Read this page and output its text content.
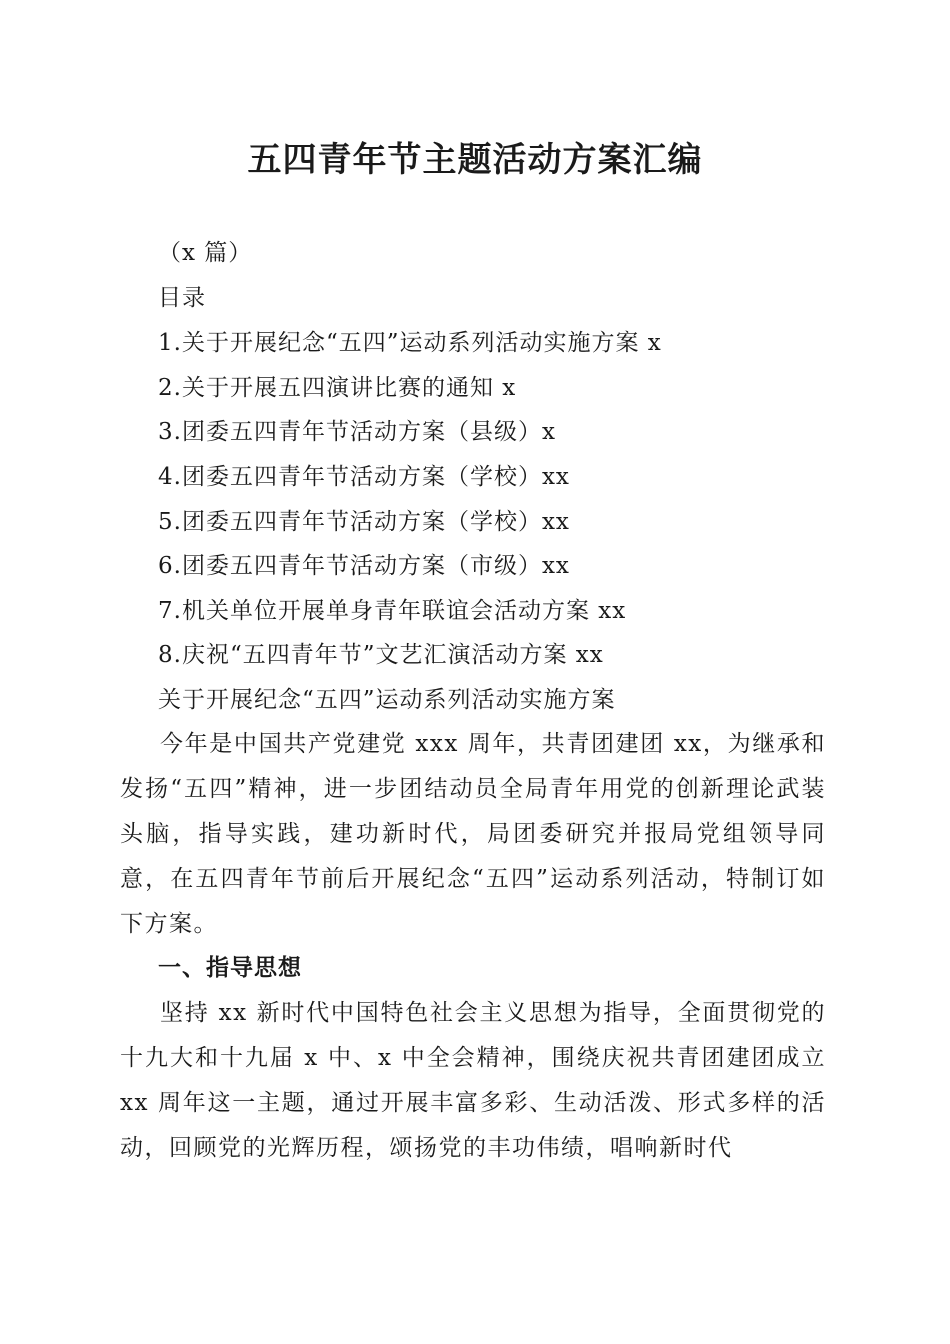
五四青年节主题活动方案汇编
（x 篇）
目录
1.关于开展纪念“五四”运动系列活动实施方案 x
2.关于开展五四演讲比赛的通知 x
3.团委五四青年节活动方案（县级）x
4.团委五四青年节活动方案（学校）xx
5.团委五四青年节活动方案（学校）xx
6.团委五四青年节活动方案（市级）xx
7.机关单位开展单身青年联谊会活动方案 xx
8.庆祝“五四青年节”文艺汇演活动方案 xx
关于开展纪念“五四”运动系列活动实施方案

今年是中国共产党建党 xxx 周年，共青团建团 xx，为继承和发扬“五四”精神，进一步团结动员全局青年用党的创新理论武装头脑，指导实践，建功新时代，局团委研究并报局党组领导同意，在五四青年节前后开展纪念“五四”运动系列活动，特制订如下方案。

一、指导思想

坚持 xx 新时代中国特色社会主义思想为指导，全面贯彻党的十九大和十九届 x 中、x 中全会精神，围绕庆祝共青团建团成立 xx 周年这一主题，通过开展丰富多彩、生动活泼、形式多样的活动，回顾党的光辉历程，颂扬党的丰功伟绩，唱响新时代
